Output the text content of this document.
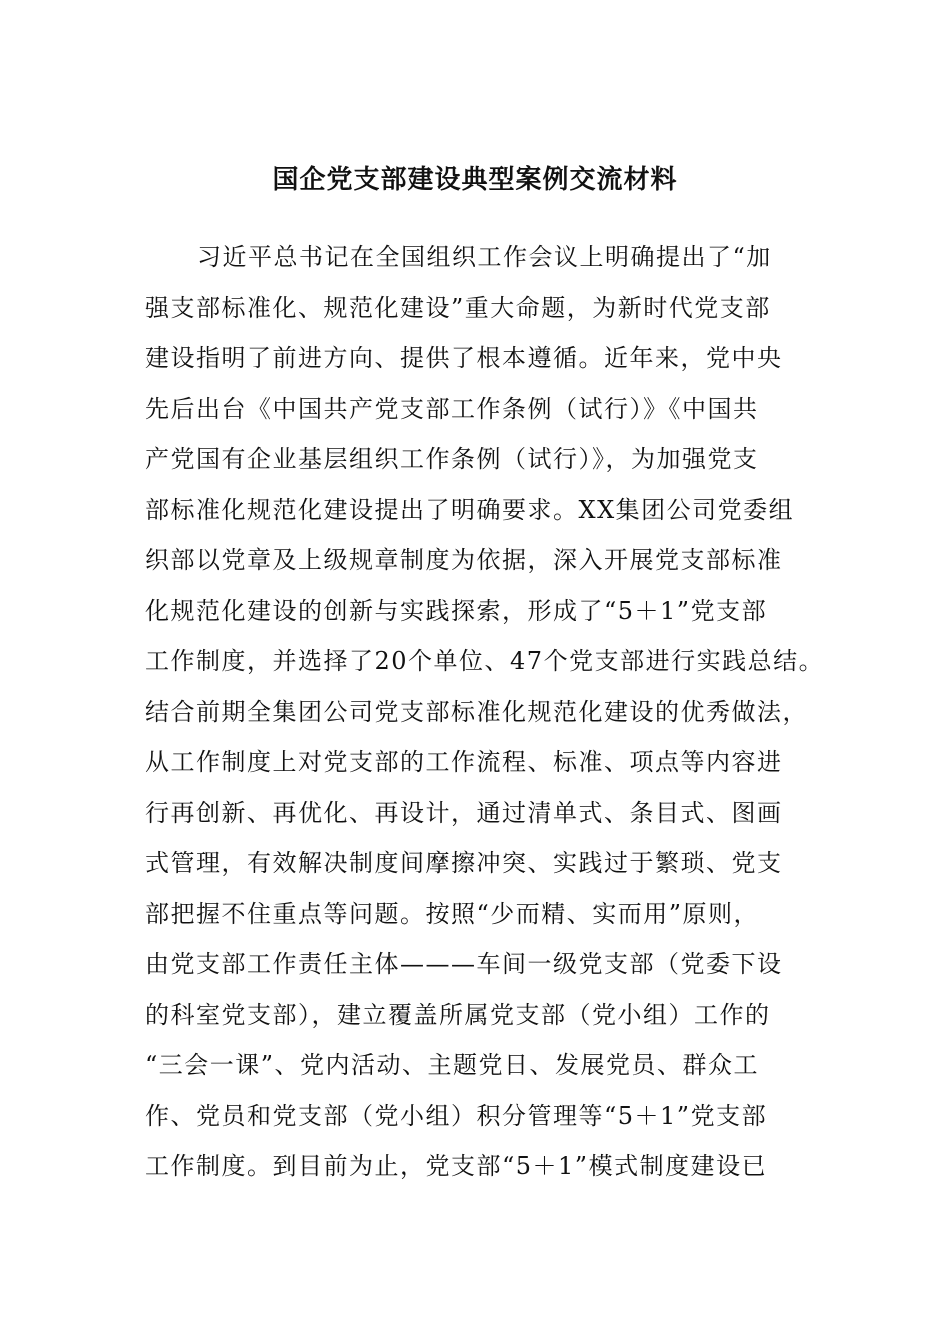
国企党支部建设典型案例交流材料
习近平总书记在全国组织工作会议上明确提出了“加
强支部标准化、规范化建设”重大命题，为新时代党支部
建设指明了前进方向、提供了根本遵循。近年来，党中央
先后出台《中国共产党支部工作条例（试行）》《中国共
产党国有企业基层组织工作条例（试行）》，为加强党支
部标准化规范化建设提出了明确要求。XX集团公司党委组
织部以党章及上级规章制度为依据，深入开展党支部标准
化规范化建设的创新与实践探索，形成了“5＋1”党支部
工作制度，并选择了20个单位、47个党支部进行实践总结。
结合前期全集团公司党支部标准化规范化建设的优秀做法，
从工作制度上对党支部的工作流程、标准、项点等内容进
行再创新、再优化、再设计，通过清单式、条目式、图画
式管理，有效解决制度间摩擦冲突、实践过于繁琐、党支
部把握不住重点等问题。按照“少而精、实而用”原则，
由党支部工作责任主体———车间一级党支部（党委下设
的科室党支部），建立覆盖所属党支部（党小组）工作的
“三会一课”、党内活动、主题党日、发展党员、群众工
作、党员和党支部（党小组）积分管理等“5＋1”党支部
工作制度。到目前为止，党支部“5＋1”模式制度建设已
